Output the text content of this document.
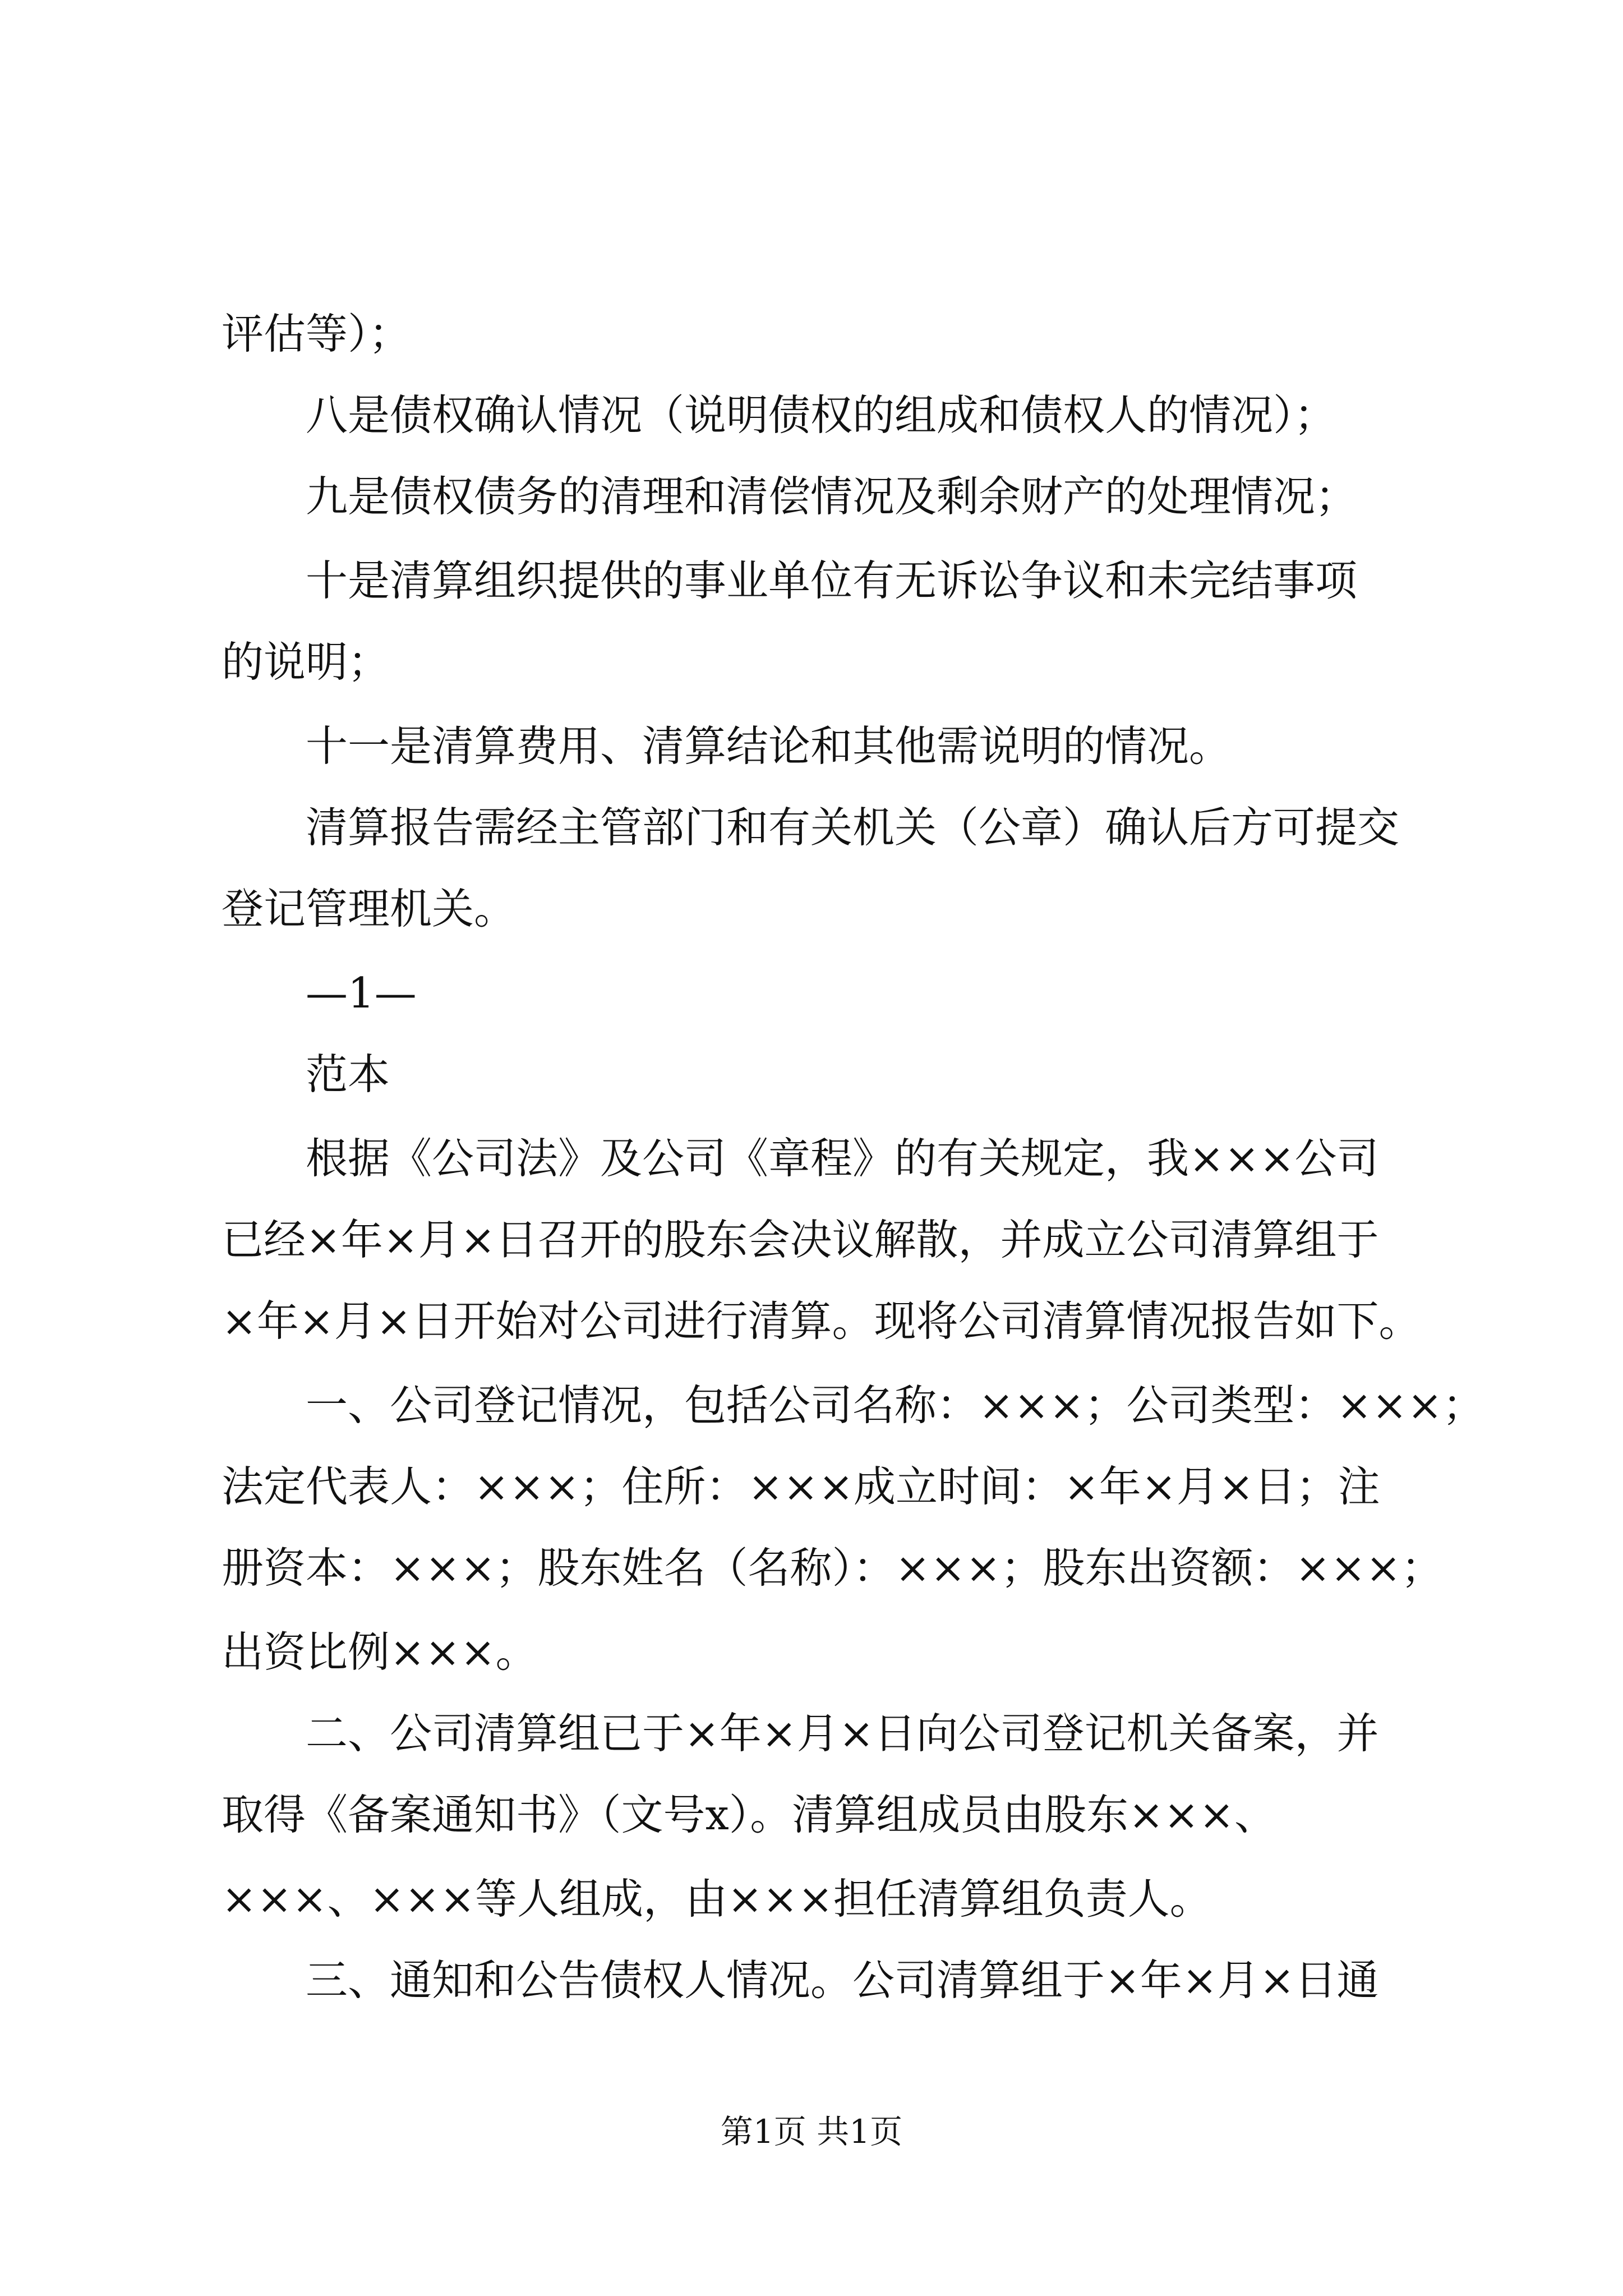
评估等）；
八是债权确认情况（说明债权的组成和债权人的情况）；
九是债权债务的清理和清偿情况及剩余财产的处理情况；
十是清算组织提供的事业单位有无诉讼争议和未完结事项
的说明；
十一是清算费用、清算结论和其他需说明的情况。
清算报告需经主管部门和有关机关（公章）确认后方可提交
登记管理机关。
—1—
范本
根据《公司法》及公司《章程》的有关规定，我×××公司
已经×年×月×日召开的股东会决议解散，并成立公司清算组于
×年×月×日开始对公司进行清算。现将公司清算情况报告如下。
一、公司登记情况，包括公司名称：×××；公司类型：×××；
法定代表人：×××；住所：×××成立时间：×年×月×日；注
册资本：×××；股东姓名（名称）：×××；股东出资额：×××；
出资比例×××。
二、公司清算组已于×年×月×日向公司登记机关备案，并
取得《备案通知书》（文号x）。清算组成员由股东×××、
×××、×××等人组成，由×××担任清算组负责人。
三、通知和公告债权人情况。公司清算组于×年×月×日通
第1页 共1页
